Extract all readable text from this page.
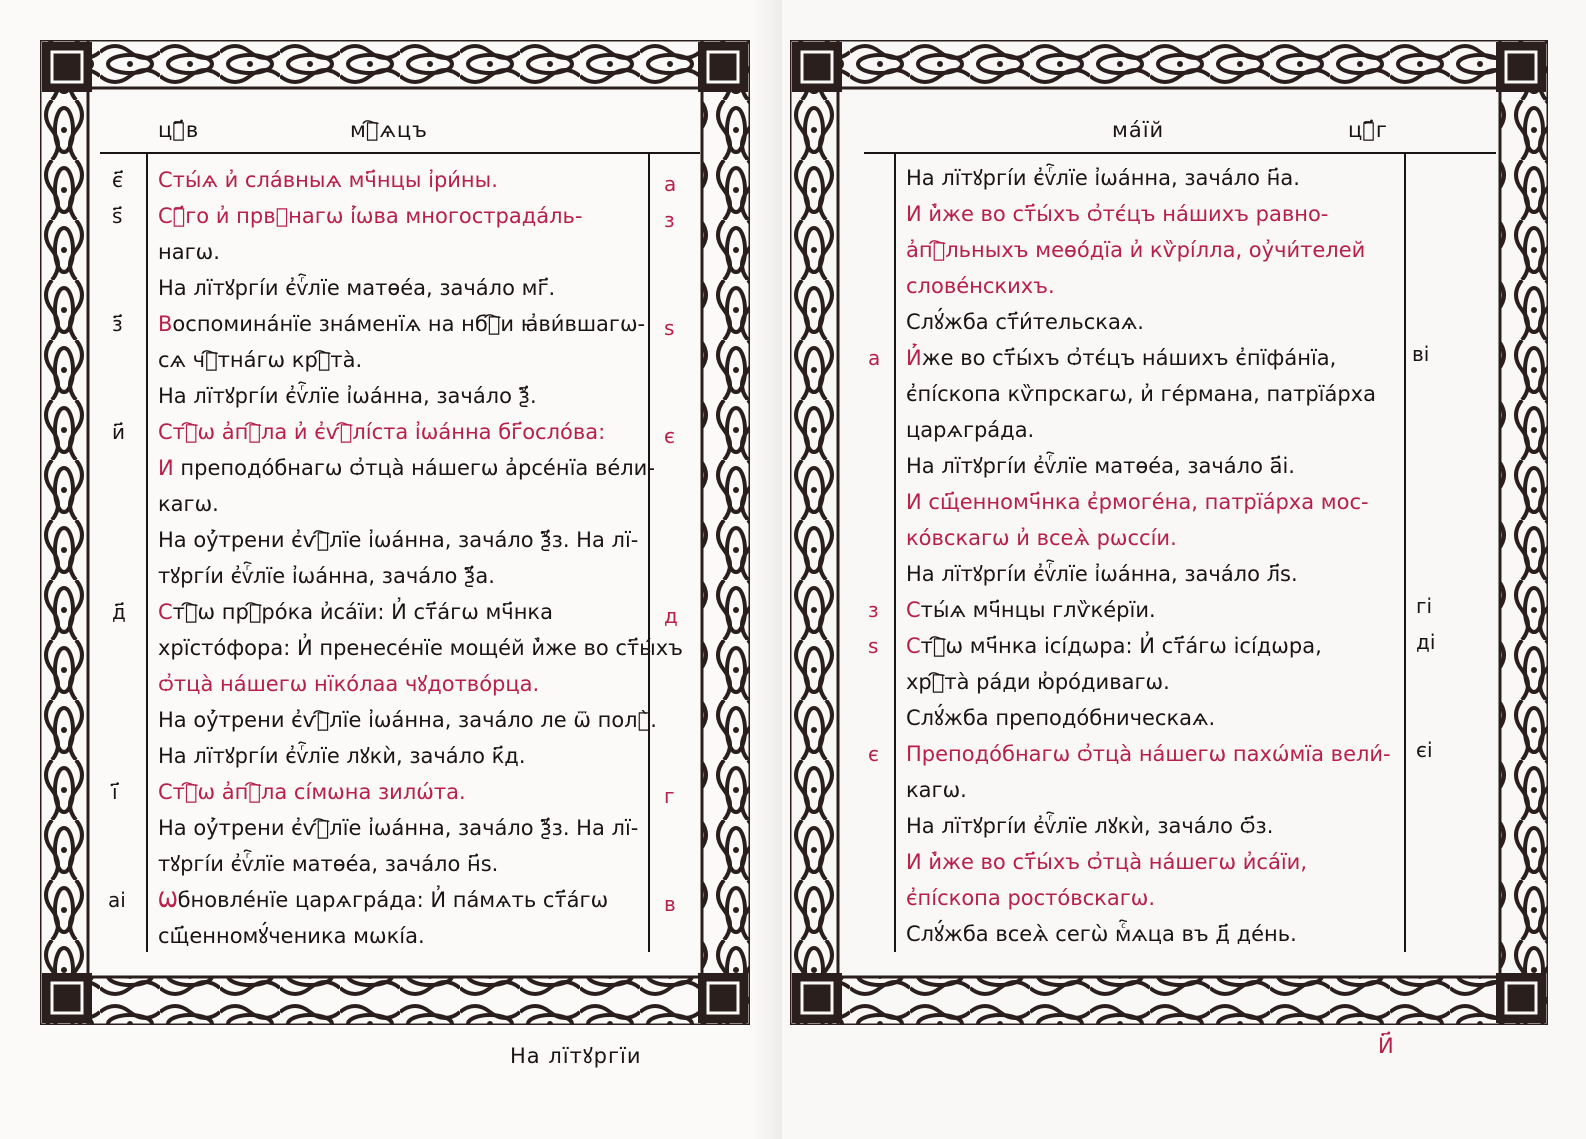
цⷱ҃в	мⷭ҇ѧцъ
Сты́ѧ и҆ сла́вныѧ мч҃нцы і҆ри́ны.
Сⷮ҃го и҆ првⷣнагѡ і҆́ѡва многострада́ль-
нагѡ.
На лїтꙋргі́и є҆ѵⷢ҇лїе матѳе́а, зача́ло мг҃.
Воспомина́нїе зна́менїѧ на нбⷭ҇и ꙗ҆ви́вшагѡ-
сѧ чⷭ҇тна́гѡ крⷭ҇та̀.
На лїтꙋргі́и є҆ѵⷢ҇лїе і҆ѡа́нна, зача́ло ѯ҃.
Стⷢ҇ѡ а҆пⷭ҇ла и҆ є҆ѵⷢ҇лі́ста і҆ѡа́нна бг҃осло́ва:
И преподо́бнагѡ ѻ҆тца̀ на́шегѡ а҆рсе́нїа ве́ли-
кагѡ.
На оу҆́трени є҆ѵⷢ҇лїе і҆ѡа́нна, зача́ло ѯ҃з. На лї-
тꙋргі́и є҆ѵⷢ҇лїе і҆ѡа́нна, зача́ло ѯ҃а.
Стⷢ҇ѡ прⷪ҇ро́ка и҆са́їи: И҆ ст҃а́гѡ мч҃нка
хрїсто́фора: И҆ пренесе́нїе моще́й и҆̀же во ст҃ы́хъ
ѻ҆тца̀ на́шегѡ нїко́лаа чꙋдотво́рца.
На оу҆́трени є҆ѵⷢ҇лїе і҆ѡа́нна, зача́ло ле ѿ полꙋ̀.
На лїтꙋргі́и є҆ѵⷢ҇лїе лꙋкѝ, зача́ло к҃д.
Стⷢ҇ѡ а҆пⷭ҇ла сі́мѡна зилѡ́та.
На оу҆́трени є҆ѵⷢ҇лїе і҆ѡа́нна, зача́ло ѯ҃з. На лї-
тꙋргі́и є҆ѵⷢ҇лїе матѳе́а, зача́ло н҃ѕ.
Ѡбновле́нїе царѧгра́да: И҆ па́мѧть ст҃а́гѡ
сщ҃енномꙋ́ченика мѡкі́а.
є҃
ѕ҃
з҃
и҃
д҃
і҃
аі
а
з
ѕ
є
д
г
в
На лїтꙋргїи
ма́їй	цⷱ҃г
На лїтꙋргі́и є҆ѵⷢ҇лїе і҆ѡа́нна, зача́ло н҃а.
И и҆̀же во ст҃ы́хъ ѻ҆тє́цъ на́шихъ равно-
а҆пⷭ҇льныхъ меѳо́дїа и҆ кѷрі́лла, оу҆чи́телей
слове́нскихъ.
Слꙋ́жба ст҃и́тельскаѧ.
И҆́же во ст҃ы́хъ ѻ҆тє́цъ на́шихъ є҆пїфа́нїа,
є҆пі́скопа кѷпрскагѡ, и҆ ге́рмана, патрїа́рха
царѧгра́да.
На лїтꙋргі́и є҆ѵⷢ҇лїе матѳе́а, зача́ло а҃і.
И сщ҃енномч҃нка є҆рмоге́на, патрїа́рха мос-
ко́вскагѡ и҆ всеѧ̀ рѡссі́и.
На лїтꙋргі́и є҆ѵⷢ҇лїе і҆ѡа́нна, зача́ло л҃ѕ.
Сты́ѧ мч҃нцы глѷке́рїи.
Стⷢ҇ѡ мч҃нка ісі́дѡра: И҆ ст҃а́гѡ ісі́дѡра,
хрⷭ҇та̀ ра́ди ю҆ро́дивагѡ.
Слꙋ́жба преподо́бническаѧ.
Преподо́бнагѡ ѻ҆тца̀ на́шегѡ пахѡ́мїа вели́-
кагѡ.
На лїтꙋргі́и є҆ѵⷢ҇лїе лꙋкѝ, зача́ло ѻ҃з.
И и҆̀же во ст҃ы́хъ ѻ҆тца̀ на́шегѡ и҆са́їи,
є҆пі́скопа росто́вскагѡ.
Слꙋ́жба всеѧ̀ сегѡ̀ мⷭ҇ѧца въ д҃ де́нь.
а
з
ѕ
є
ві
гі
ді
єі
И҃
